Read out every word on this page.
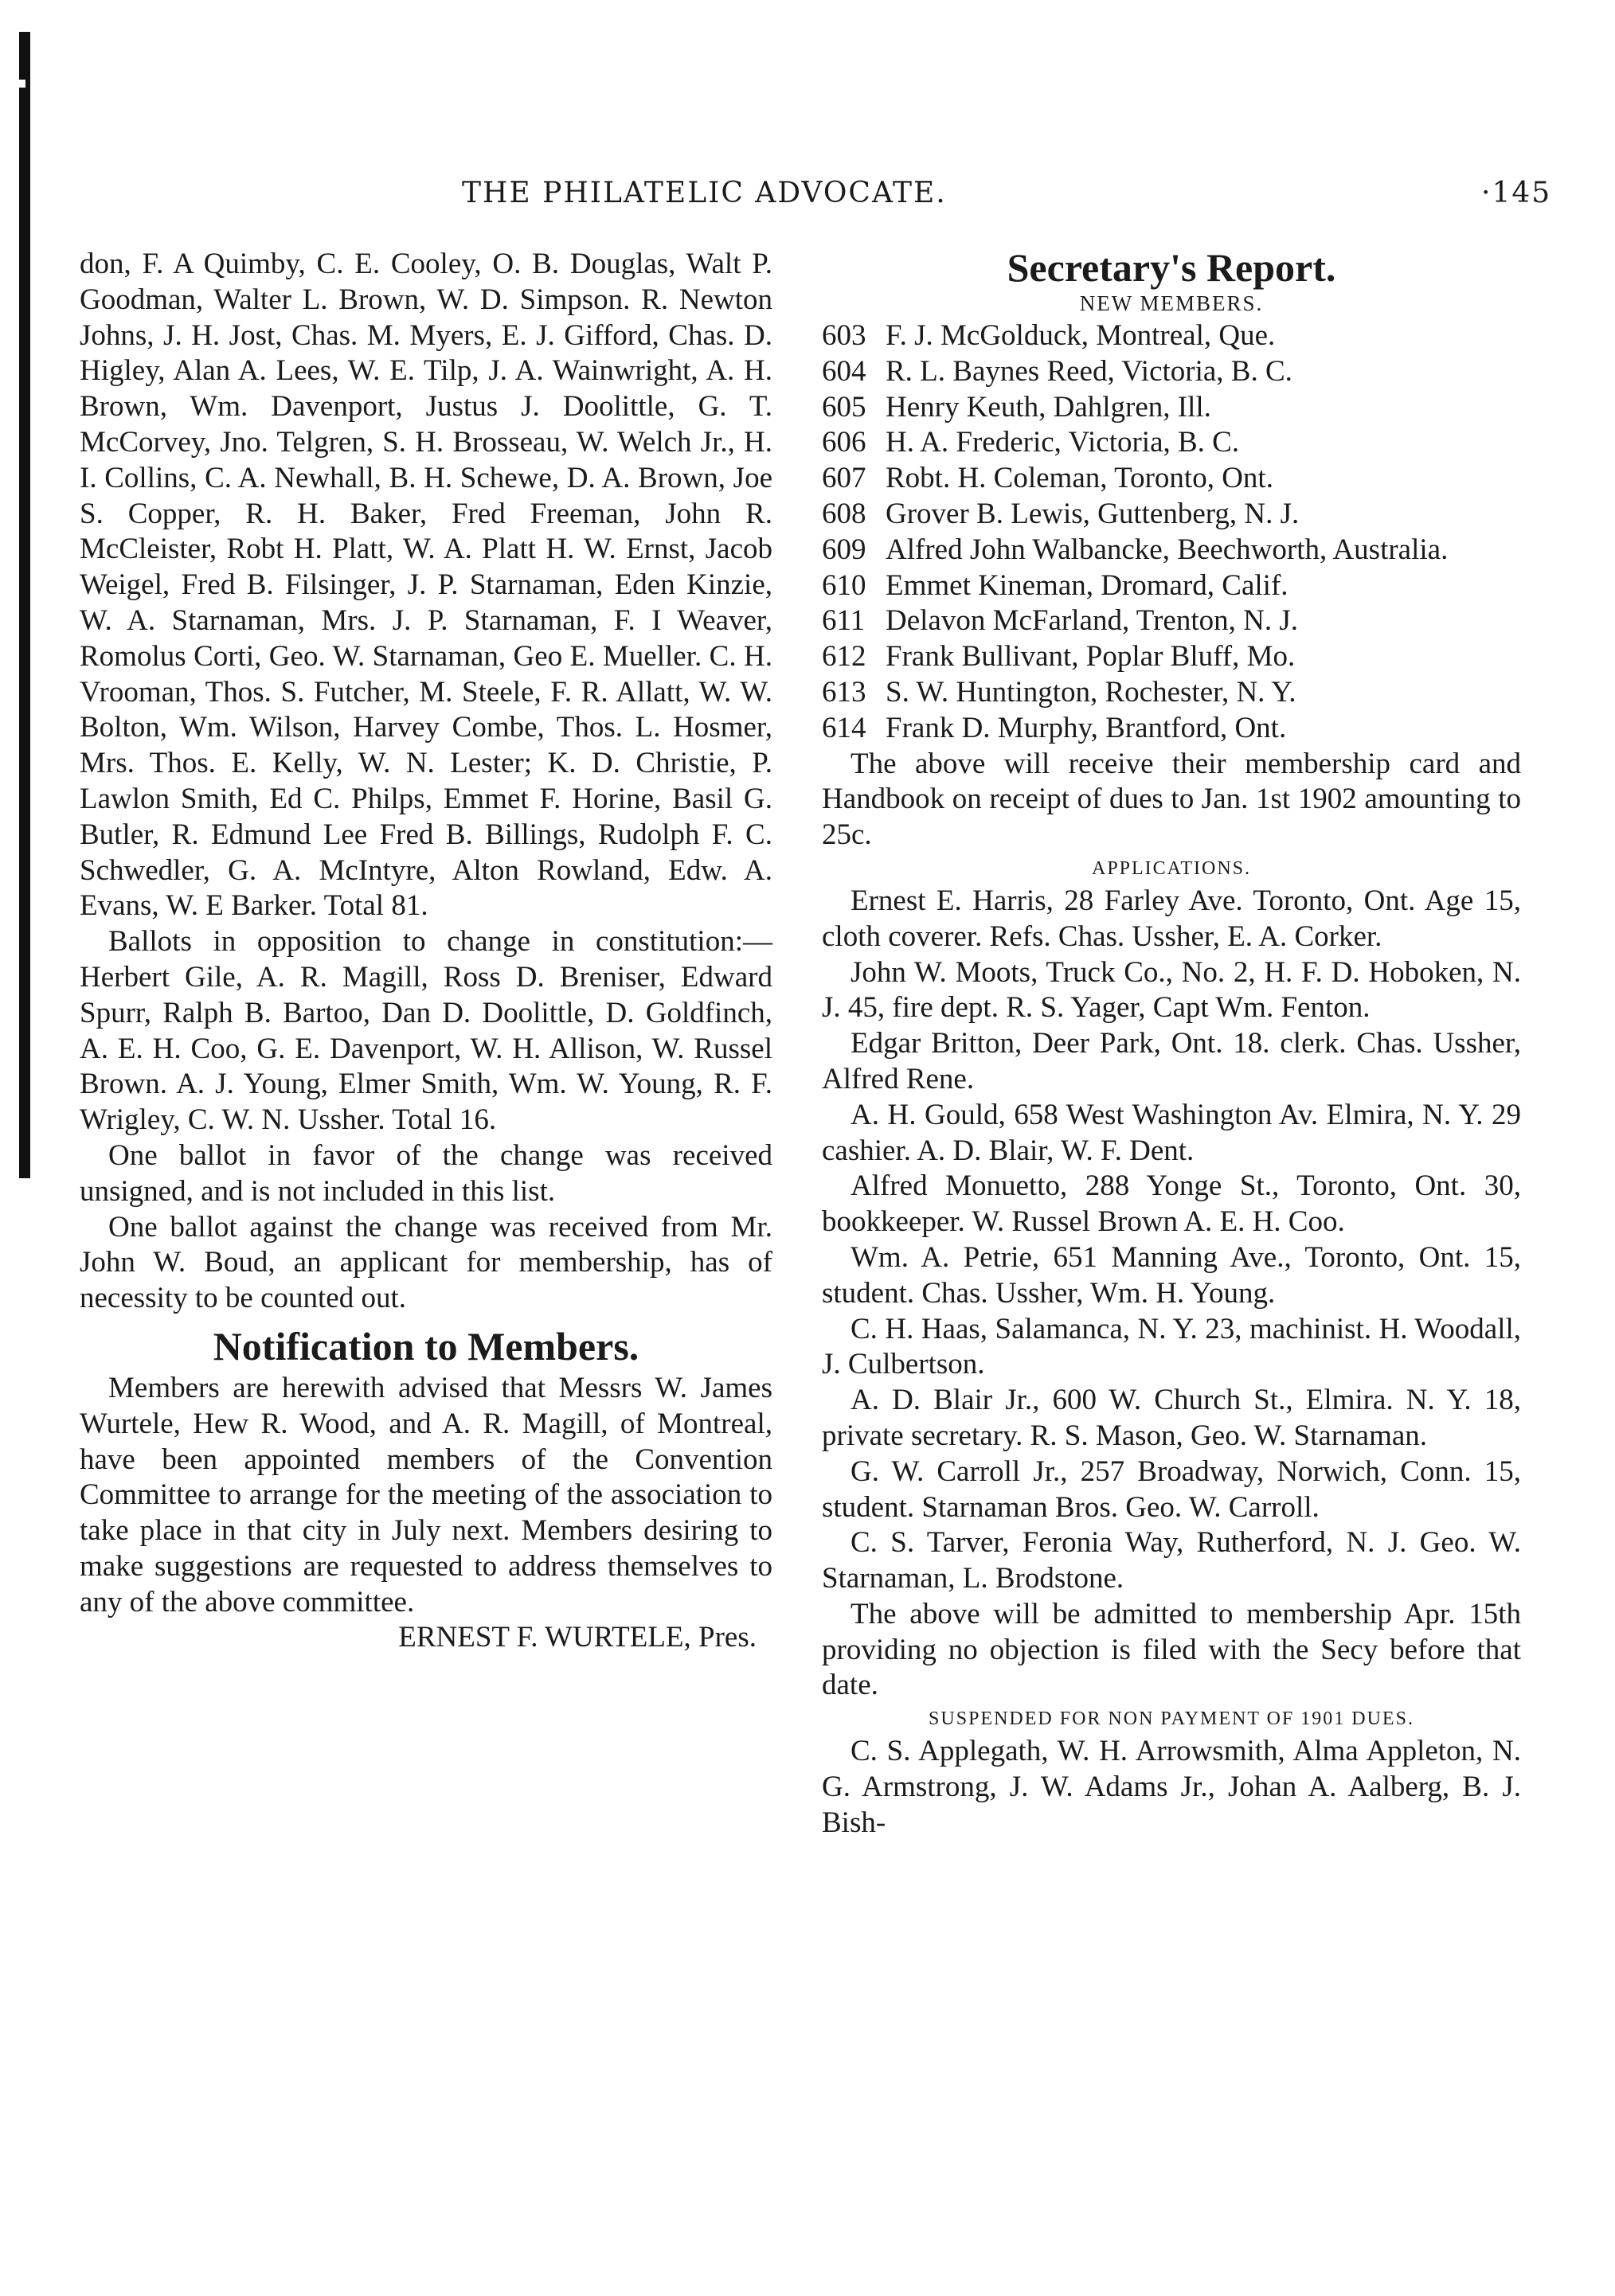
THE PHILATELIC ADVOCATE.	·145

don, F. A Quimby, C. E. Cooley, O. B. Douglas, Walt P. Goodman, Walter L. Brown, W. D. Simpson. R. Newton Johns, J. H. Jost, Chas. M. Myers, E. J. Gifford, Chas. D. Higley, Alan A. Lees, W. E. Tilp, J. A. Wainwright, A. H. Brown, Wm. Davenport, Justus J. Doolittle, G. T. McCorvey, Jno. Telgren, S. H. Brosseau, W. Welch Jr., H. I. Collins, C. A. Newhall, B. H. Schewe, D. A. Brown, Joe S. Copper, R. H. Baker, Fred Freeman, John R. McCleister, Robt H. Platt, W. A. Platt H. W. Ernst, Jacob Weigel, Fred B. Filsinger, J. P. Starnaman, Eden Kinzie, W. A. Starnaman, Mrs. J. P. Starnaman, F. I Weaver, Romolus Corti, Geo. W. Starnaman, Geo E. Mueller. C. H. Vrooman, Thos. S. Futcher, M. Steele, F. R. Allatt, W. W. Bolton, Wm. Wilson, Harvey Combe, Thos. L. Hosmer, Mrs. Thos. E. Kelly, W. N. Lester; K. D. Christie, P. Lawlon Smith, Ed C. Philps, Emmet F. Horine, Basil G. Butler, R. Edmund Lee Fred B. Billings, Rudolph F. C. Schwedler, G. A. McIntyre, Alton Rowland, Edw. A. Evans, W. E Barker. Total 81.

Ballots in opposition to change in constitution:—Herbert Gile, A. R. Magill, Ross D. Breniser, Edward Spurr, Ralph B. Bartoo, Dan D. Doolittle, D. Goldfinch, A. E. H. Coo, G. E. Davenport, W. H. Allison, W. Russel Brown. A. J. Young, Elmer Smith, Wm. W. Young, R. F. Wrigley, C. W. N. Ussher. Total 16.

One ballot in favor of the change was received unsigned, and is not included in this list.

One ballot against the change was received from Mr. John W. Boud, an applicant for membership, has of necessity to be counted out.

Notification to Members.

Members are herewith advised that Messrs W. James Wurtele, Hew R. Wood, and A. R. Magill, of Montreal, have been appointed members of the Convention Committee to arrange for the meeting of the association to take place in that city in July next. Members desiring to make suggestions are requested to address themselves to any of the above committee.

ERNEST F. WURTELE, Pres.

Secretary's Report.
NEW MEMBERS.
603 F. J. McGolduck, Montreal, Que.
604 R. L. Baynes Reed, Victoria, B. C.
605 Henry Keuth, Dahlgren, Ill.
606 H. A. Frederic, Victoria, B. C.
607 Robt. H. Coleman, Toronto, Ont.
608 Grover B. Lewis, Guttenberg, N. J.
609 Alfred John Walbancke, Beechworth, Australia.
610 Emmet Kineman, Dromard, Calif.
611 Delavon McFarland, Trenton, N. J.
612 Frank Bullivant, Poplar Bluff, Mo.
613 S. W. Huntington, Rochester, N. Y.
614 Frank D. Murphy, Brantford, Ont.

The above will receive their membership card and Handbook on receipt of dues to Jan. 1st 1902 amounting to 25c.

APPLICATIONS.

Ernest E. Harris, 28 Farley Ave. Toronto, Ont. Age 15, cloth coverer. Refs. Chas. Ussher, E. A. Corker.

John W. Moots, Truck Co., No. 2, H. F. D. Hoboken, N. J. 45, fire dept. R. S. Yager, Capt Wm. Fenton.

Edgar Britton, Deer Park, Ont. 18. clerk. Chas. Ussher, Alfred Rene.

A. H. Gould, 658 West Washington Av. Elmira, N. Y. 29 cashier. A. D. Blair, W. F. Dent.

Alfred Monuetto, 288 Yonge St., Toronto, Ont. 30, bookkeeper. W. Russel Brown A. E. H. Coo.

Wm. A. Petrie, 651 Manning Ave., Toronto, Ont. 15, student. Chas. Ussher, Wm. H. Young.

C. H. Haas, Salamanca, N. Y. 23, machinist. H. Woodall, J. Culbertson.

A. D. Blair Jr., 600 W. Church St., Elmira. N. Y. 18, private secretary. R. S. Mason, Geo. W. Starnaman.

G. W. Carroll Jr., 257 Broadway, Norwich, Conn. 15, student. Starnaman Bros. Geo. W. Carroll.

C. S. Tarver, Feronia Way, Rutherford, N. J. Geo. W. Starnaman, L. Brodstone.

The above will be admitted to membership Apr. 15th providing no objection is filed with the Secy before that date.

SUSPENDED FOR NON PAYMENT OF 1901 DUES.

C. S. Applegath, W. H. Arrowsmith, Alma Appleton, N. G. Armstrong, J. W. Adams Jr., Johan A. Aalberg, B. J. Bish-
